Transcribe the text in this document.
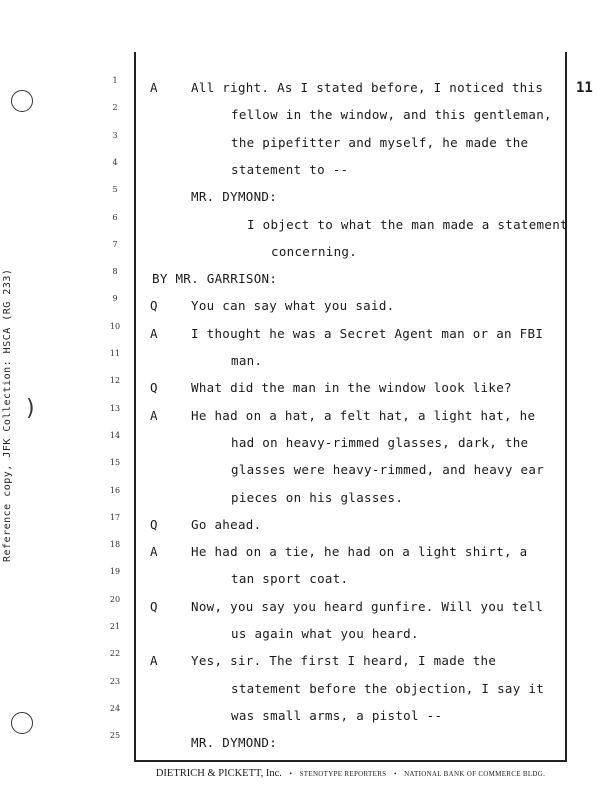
Reference copy, JFK Collection: HSCA (RG 233) )
11
1
2
3
4
5
6
7
8
9
10
11
12
13
14
15
16
17
18
19
20
21
22
23
24
25
A	All right. As I stated before, I noticed this
fellow in the window, and this gentleman,
the pipefitter and myself, he made the
statement to --
MR. DYMOND:
I object to what the man made a statement
concerning.
BY MR. GARRISON:
Q	You can say what you said.
A	I thought he was a Secret Agent man or an FBI
man.
Q	What did the man in the window look like?
A	He had on a hat, a felt hat, a light hat, he
had on heavy-rimmed glasses, dark, the
glasses were heavy-rimmed, and heavy ear
pieces on his glasses.
Q	Go ahead.
A	He had on a tie, he had on a light shirt, a
tan sport coat.
Q	Now, you say you heard gunfire. Will you tell
us again what you heard.
A	Yes, sir. The first I heard, I made the
statement before the objection, I say it
was small arms, a pistol --
MR. DYMOND:
DIETRICH & PICKETT, Inc. • STENOTYPE REPORTERS • NATIONAL BANK OF COMMERCE BLDG.
